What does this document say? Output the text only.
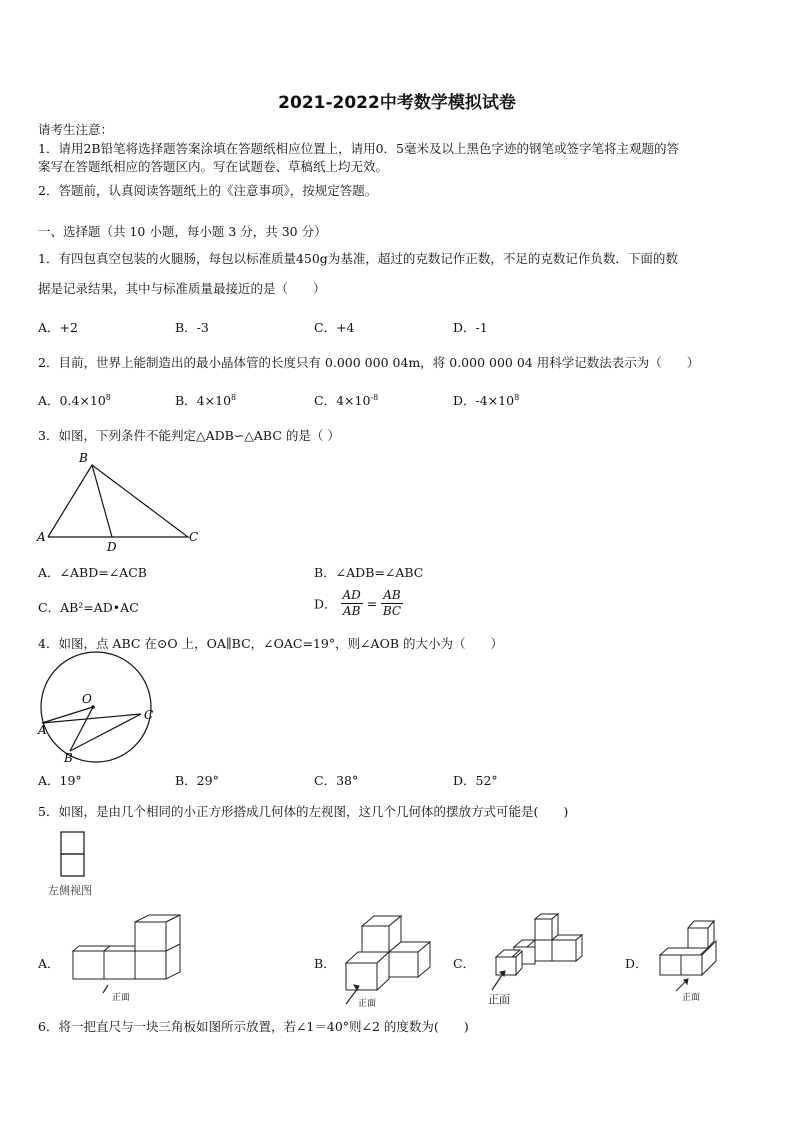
2021-2022中考数学模拟试卷
请考生注意：
1．请用2B铅笔将选择题答案涂填在答题纸相应位置上，请用0．5毫米及以上黑色字迹的钢笔或签字笔将主观题的答
案写在答题纸相应的答题区内。写在试题卷、草稿纸上均无效。
2．答题前，认真阅读答题纸上的《注意事项》，按规定答题。
一、选择题（共 10 小题，每小题 3 分，共 30 分）
1．有四包真空包装的火腿肠，每包以标准质量450g为基准，超过的克数记作正数，不足的克数记作负数．下面的数
据是记录结果，其中与标准质量最接近的是（　　）
A．+2	B．-3	C．+4	D．-1
2．目前，世界上能制造出的最小晶体管的长度只有 0.000 000 04m，将 0.000 000 04 用科学记数法表示为（　　）
A．$0.4\times 10^8$	B．$4\times 10^8$	C．$4\times 10^{-8}$	D．$-4\times 10^8$
3．如图，下列条件不能判定△ADB∽△ABC 的是（ ）
B
A
D
C
A．∠ABD=∠ACB	B．∠ADB=∠ABC
C．AB²=AD•AC	D． $\frac{AD}{AB} = \frac{AB}{BC}$
4．如图，点 ABC 在⊙O 上，OA∥BC，∠OAC=19°，则∠AOB 的大小为（　　）
O
A
B
C
A．19°	B．29°	C．38°	D．52°
5．如图，是由几个相同的小正方形搭成几何体的左视图，这几个几何体的摆放方式可能是(　　)
左侧视图
A．	B．	C．	D．
正面
正面	正面	正面
6．将一把直尺与一块三角板如图所示放置，若∠1＝40°则∠2 的度数为(　　)
